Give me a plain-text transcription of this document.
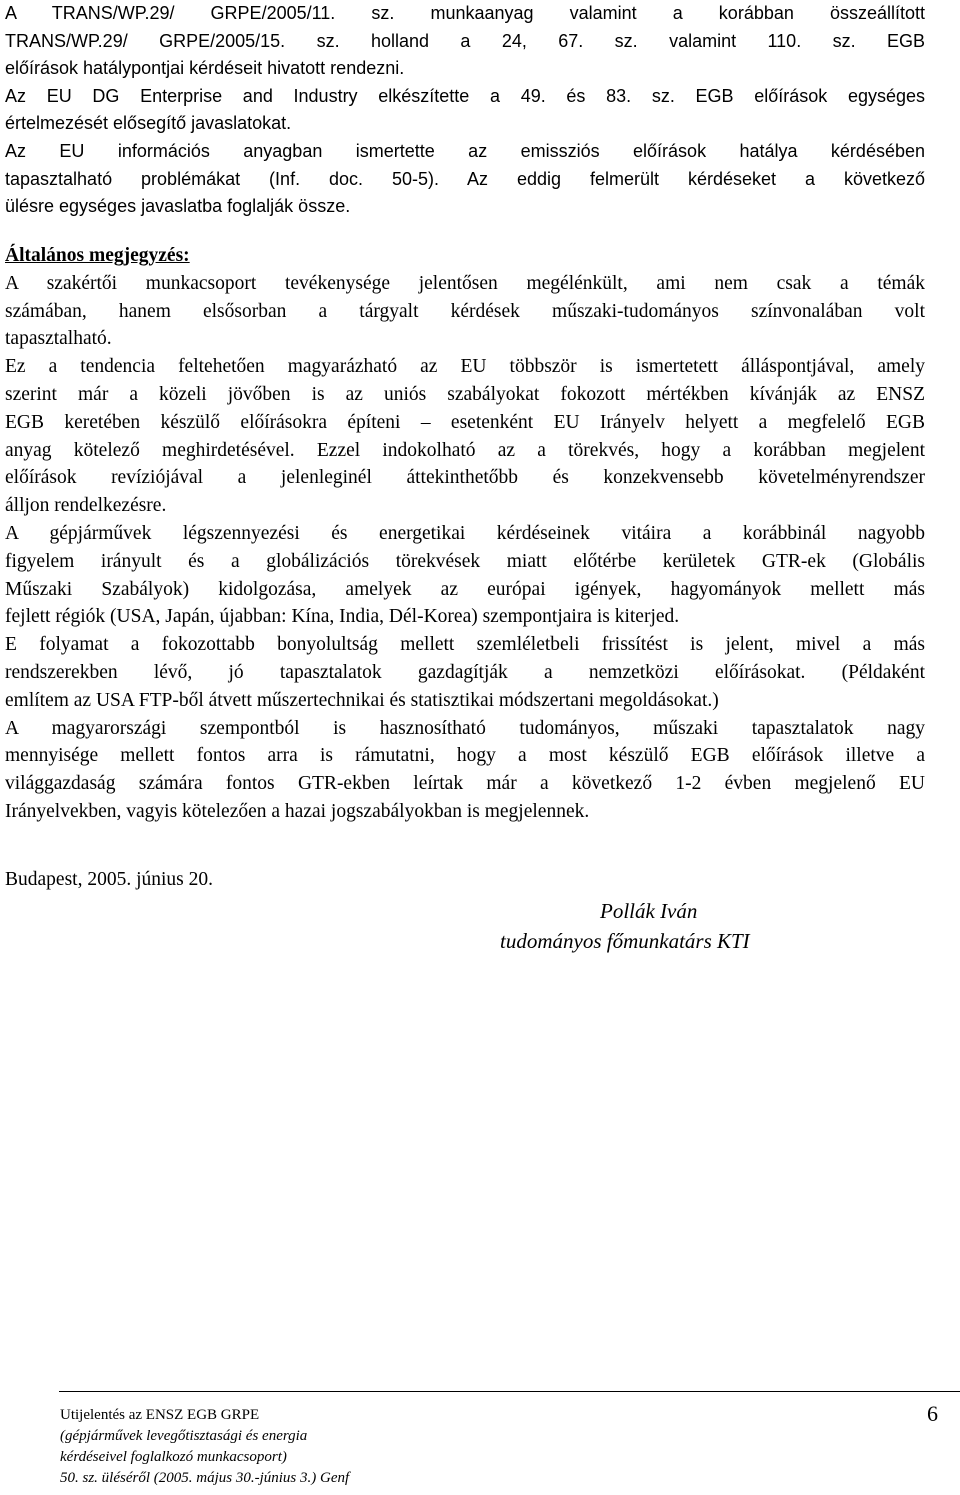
A TRANS/WP.29/ GRPE/2005/11. sz. munkaanyag valamint a korábban összeállított
TRANS/WP.29/ GRPE/2005/15. sz. holland a 24, 67. sz. valamint 110. sz. EGB
előírások hatálypontjai kérdéseit hivatott rendezni.
Az EU DG Enterprise and Industry elkészítette a 49. és 83. sz. EGB előírások egységes
értelmezését elősegítő javaslatokat.
Az EU információs anyagban ismertette az emissziós előírások hatálya kérdésében
tapasztalható problémákat (Inf. doc. 50-5). Az eddig felmerült kérdéseket a következő
ülésre egységes javaslatba foglalják össze.
Általános megjegyzés:

A szakértői munkacsoport tevékenysége jelentősen megélénkült, ami nem csak a témák
számában, hanem elsősorban a tárgyalt kérdések műszaki-tudományos színvonalában volt
tapasztalható.

Ez a tendencia feltehetően magyarázható az EU többször is ismertetett álláspontjával, amely
szerint már a közeli jövőben is az uniós szabályokat fokozott mértékben kívánják az ENSZ
EGB keretében készülő előírásokra építeni – esetenként EU Irányelv helyett a megfelelő EGB
anyag kötelező meghirdetésével. Ezzel indokolható az a törekvés, hogy a korábban megjelent
előírások revíziójával a jelenleginél áttekinthetőbb és konzekvensebb követelményrendszer
álljon rendelkezésre.

A gépjárművek légszennyezési és energetikai kérdéseinek vitáira a korábbinál nagyobb
figyelem irányult és a globálizációs törekvések miatt előtérbe kerületek GTR-ek (Globális
Műszaki Szabályok) kidolgozása, amelyek az európai igények, hagyományok mellett más
fejlett régiók (USA, Japán, újabban: Kína, India, Dél-Korea) szempontjaira is kiterjed.

E folyamat a fokozottabb bonyolultság mellett szemléletbeli frissítést is jelent, mivel a más
rendszerekben lévő, jó tapasztalatok gazdagítják a nemzetközi előírásokat. (Példaként
említem az USA FTP-ből átvett műszertechnikai és statisztikai módszertani megoldásokat.)

A magyarországi szempontból is hasznosítható tudományos, műszaki tapasztalatok nagy
mennyisége mellett fontos arra is rámutatni, hogy a most készülő EGB előírások illetve a
világgazdaság számára fontos GTR-ekben leírtak már a következő 1-2 évben megjelenő EU
Irányelvekben, vagyis kötelezően a hazai jogszabályokban is megjelennek.

Budapest, 2005. június 20.
Pollák Iván
tudományos főmunkatárs KTI
Utijelentés az ENSZ EGB GRPE
(gépjárművek levegőtisztasági és energia
kérdéseivel foglalkozó munkacsoport)
50. sz. üléséről (2005. május 30.-június 3.) Genf
6
